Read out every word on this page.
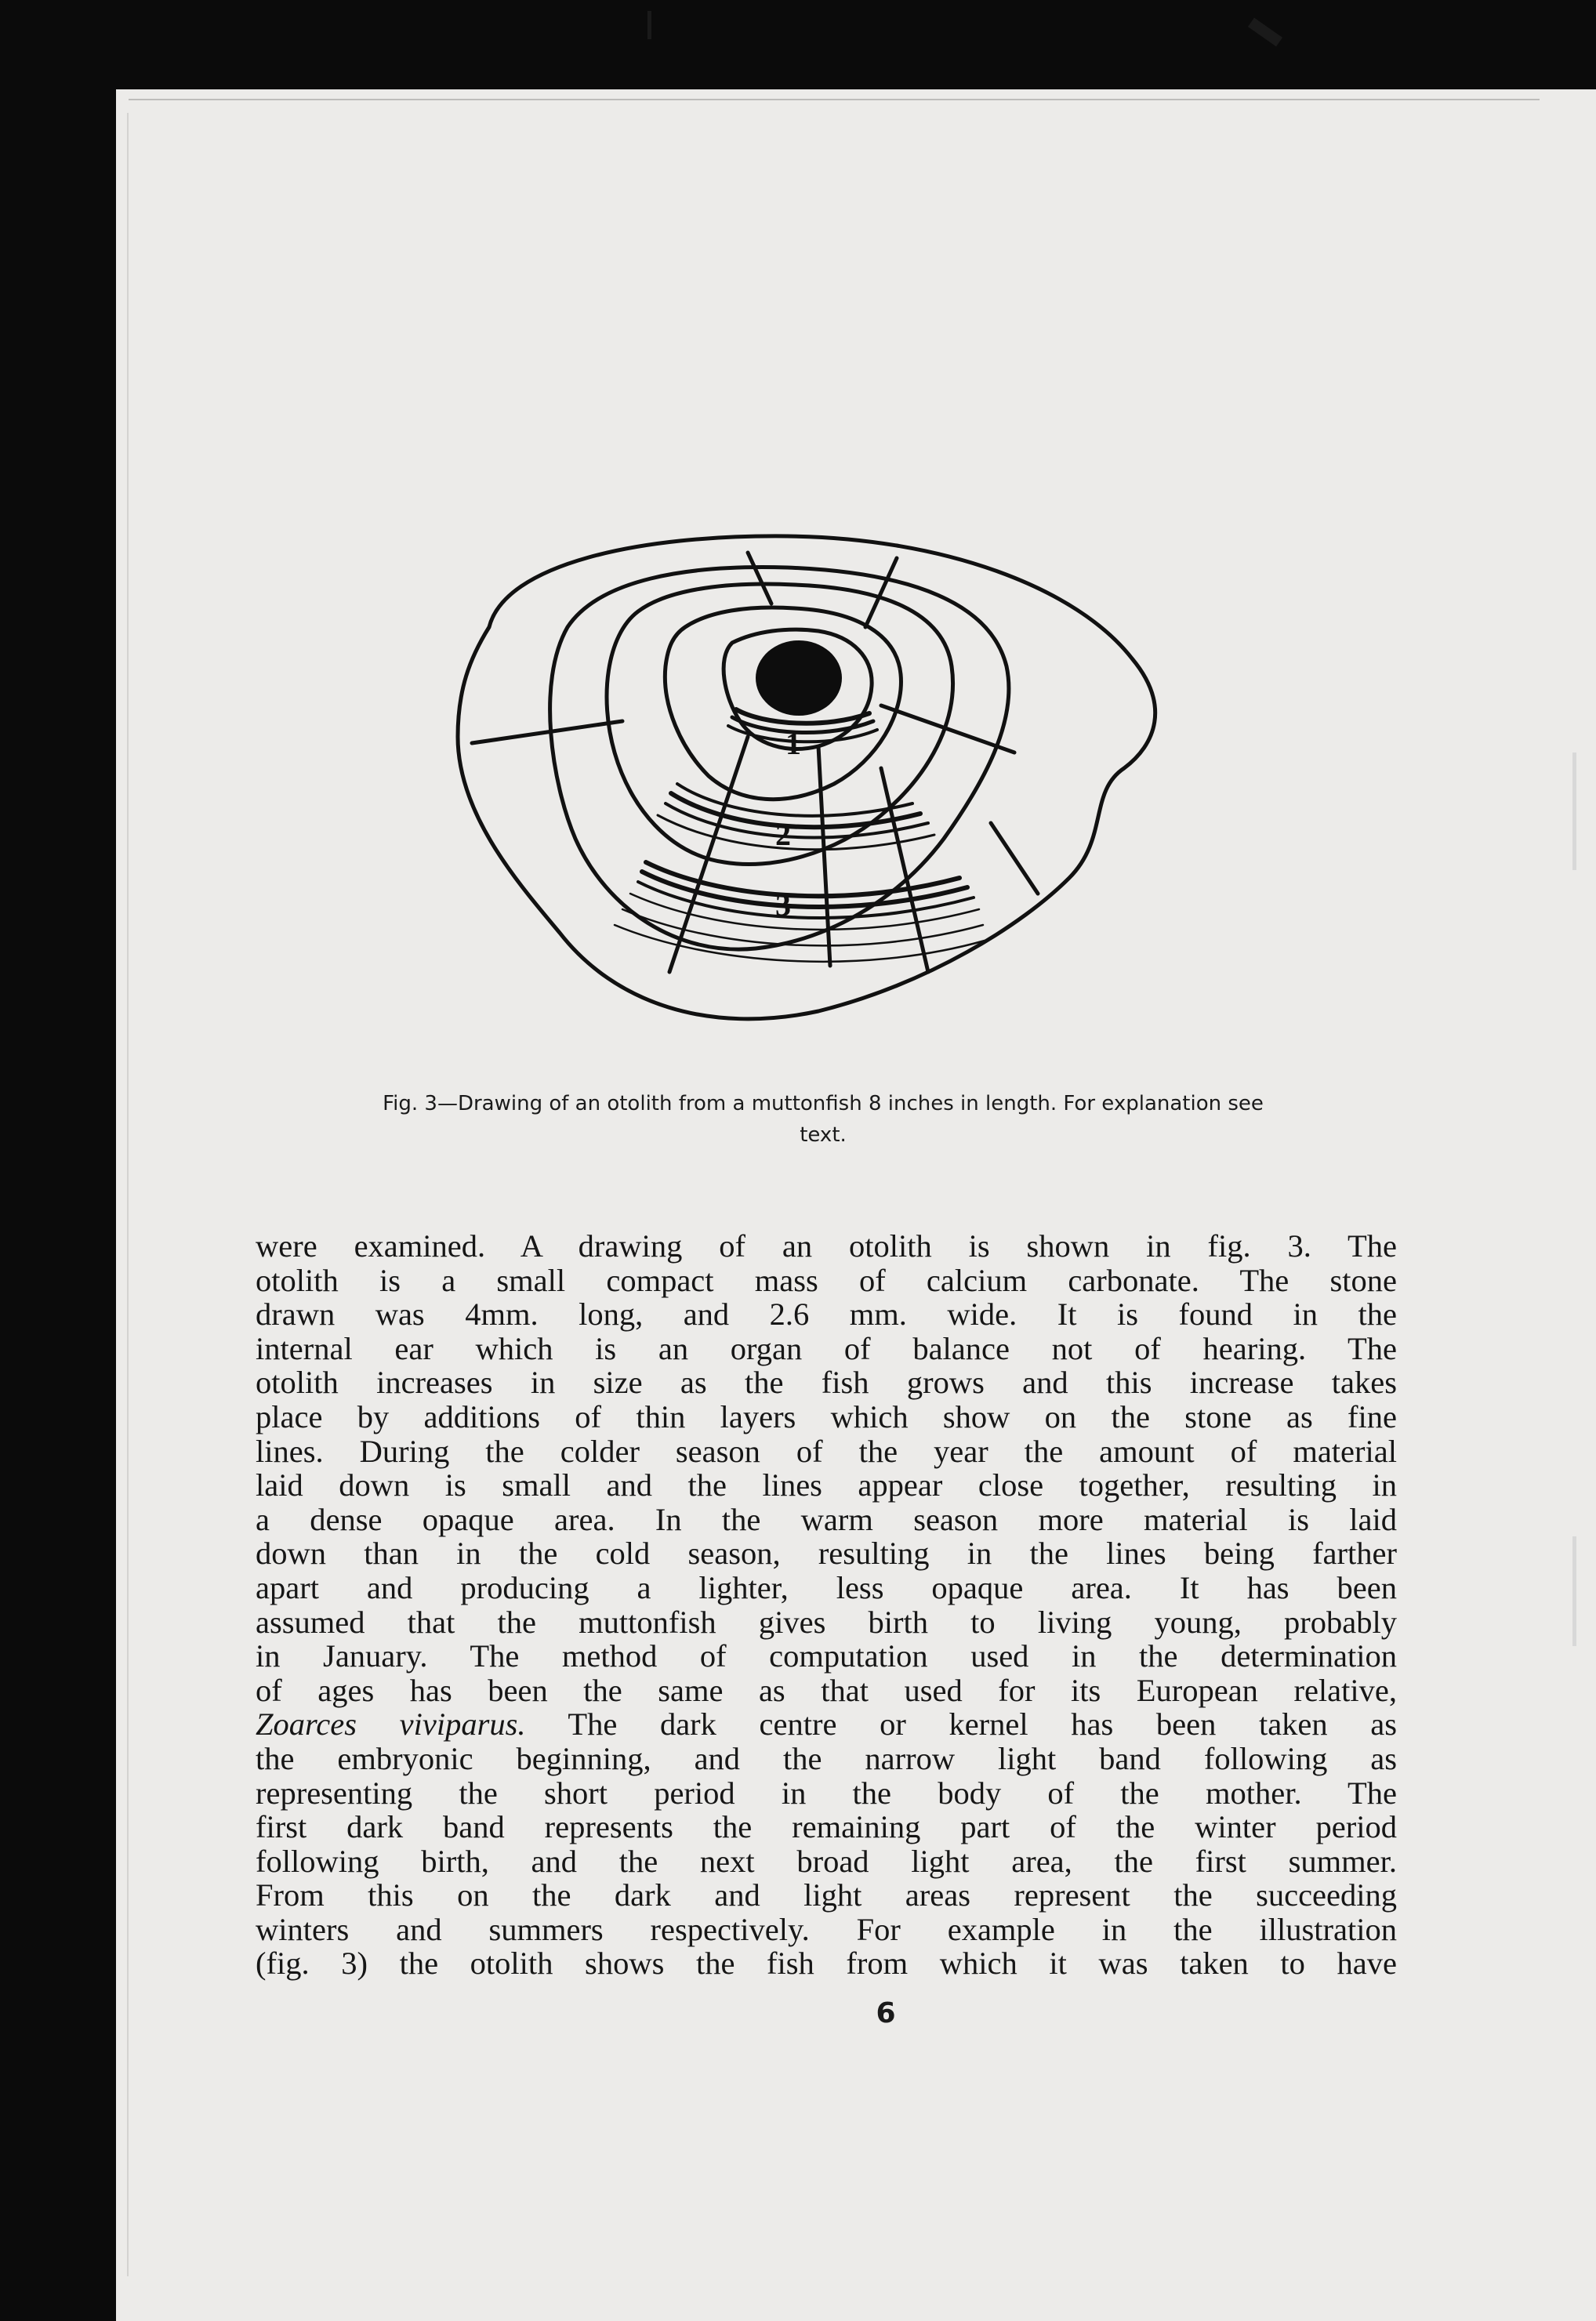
1
2
3
Fig. 3—Drawing of an otolith from a muttonfish 8 inches in length. For explanation see
text.
were examined. A drawing of an otolith is shown in fig. 3. The
otolith is a small compact mass of calcium carbonate. The stone
drawn was 4mm. long, and 2.6 mm. wide. It is found in the
internal ear which is an organ of balance not of hearing. The
otolith increases in size as the fish grows and this increase takes
place by additions of thin layers which show on the stone as fine
lines. During the colder season of the year the amount of material
laid down is small and the lines appear close together, resulting in
a dense opaque area. In the warm season more material is laid
down than in the cold season, resulting in the lines being farther
apart and producing a lighter, less opaque area. It has been
assumed that the muttonfish gives birth to living young, probably
in January. The method of computation used in the determination
of ages has been the same as that used for its European relative,
Zoarces viviparus. The dark centre or kernel has been taken as
the embryonic beginning, and the narrow light band following as
representing the short period in the body of the mother. The
first dark band represents the remaining part of the winter period
following birth, and the next broad light area, the first summer.
From this on the dark and light areas represent the succeeding
winters and summers respectively. For example in the illustration
(fig. 3) the otolith shows the fish from which it was taken to have
6
